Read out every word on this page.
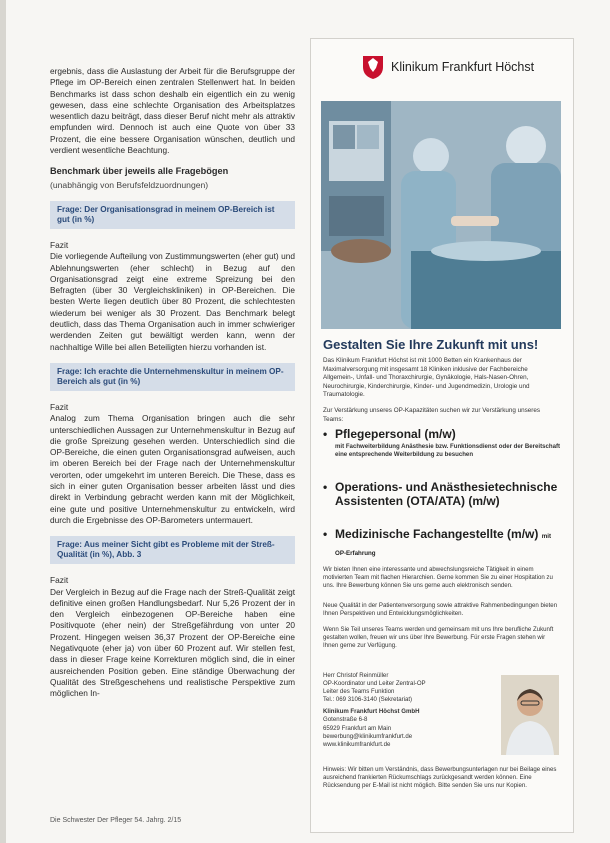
ergebnis, dass die Auslastung der Arbeit für die Berufsgruppe der Pflege im OP-Bereich einen zentralen Stellenwert hat. In beiden Benchmarks ist dass schon deshalb ein eigentlich ein zu wenig gewesen, dass eine schlechte Organisation des Arbeitsplatzes wesentlich dazu beiträgt, dass dieser Beruf nicht mehr als attraktiv empfunden wird. Dennoch ist auch eine Quote von über 33 Prozent, die eine bessere Organisation wünschen, deutlich und verdient wesentliche Beachtung.

Benchmark über jeweils alle Fragebögen
(unabhängig von Berufsfeldzuordnungen)
Frage: Der Organisationsgrad in meinem OP-Bereich ist gut (in %)

Fazit

Die vorliegende Aufteilung von Zustimmungswerten (eher gut) und Ablehnungswerten (eher schlecht) in Bezug auf den Organisationsgrad zeigt eine extreme Spreizung bei den Befragten (über 30 Vergleichskliniken) in OP-Bereichen. Die besten Werte liegen deutlich über 80 Prozent, die schlechtesten wiederum bei weniger als 30 Prozent. Das Benchmark belegt deutlich, dass das Thema Organisation auch in immer schwieriger werdenden Zeiten gut bewältigt werden kann, wenn der nachhaltige Wille bei allen Beteiligten hierzu vorhanden ist.

Frage: Ich erachte die Unternehmenskultur in meinem OP-Bereich als gut (in %)

Fazit

Analog zum Thema Organisation bringen auch die sehr unterschiedlichen Aussagen zur Unternehmenskultur in Bezug auf die große Spreizung gesehen werden. Unterschiedlich sind die OP-Bereiche, die einen guten Organisationsgrad aufweisen, auch im oberen Bereich bei der Frage nach der Unternehmenskultur verorten, oder umgekehrt im unteren Bereich. Die These, dass es sich in einer guten Organisation besser arbeiten lässt und dies direkt in Verbindung gebracht werden kann mit der Möglichkeit, eine gute und positive Unternehmenskultur zu entwickeln, wird durch die Ergebnisse des OP-Barometers untermauert.

Frage: Aus meiner Sicht gibt es Probleme mit der Streß-Qualität (in %), Abb. 3

Fazit

Der Vergleich in Bezug auf die Frage nach der Streß-Qualität zeigt definitive einen großen Handlungsbedarf. Nur 5,26 Prozent der in den Vergleich einbezogenen OP-Bereiche haben eine Positivquote (eher nein) der Streßgefährdung von unter 20 Prozent. Hingegen weisen 36,37 Prozent der OP-Bereiche eine Negativquote (eher ja) von über 60 Prozent auf. Wir stellen fest, dass in dieser Frage keine Korrekturen möglich sind, die in einer ausreichenden Position geben. Eine ständige Überwachung der Qualität des Streßgeschehens und realistische Perspektive zum möglichen In-

Die Schwester Der Pfleger 54. Jahrg. 2/15
Klinikum Frankfurt Höchst
Gestalten Sie Ihre Zukunft mit uns!
Das Klinikum Frankfurt Höchst ist mit 1000 Betten ein Krankenhaus der Maximalversorgung mit insgesamt 18 Kliniken inklusive der Fachbereiche Allgemein-, Unfall- und Thoraxchirurgie, Gynäkologie, Hals-Nasen-Ohren, Neurochirurgie, Kinderchirurgie, Kinder- und Jugendmedizin, Urologie und Traumatologie.
Zur Verstärkung unseres OP-Kapazitäten suchen wir zur Verstärkung unseres Teams:
• Pflegepersonal (m/w)
mit Fachweiterbildung Anästhesie bzw. Funktionsdienst oder der Bereitschaft eine entsprechende Weiterbildung zu besuchen
• Operations- und Anästhesietechnische Assistenten (OTA/ATA) (m/w)
• Medizinische Fachangestellte (m/w) mit OP-Erfahrung
Wir bieten Ihnen eine interessante und abwechslungsreiche Tätigkeit in einem motivierten Team mit flachen Hierarchien. Gerne kommen Sie zu einer Hospitation zu uns. Ihre Bewerbung können Sie uns gerne auch elektronisch senden.
Neue Qualität in der Patientenversorgung sowie attraktive Rahmenbedingungen bieten Ihnen Perspektiven und Entwicklungsmöglichkeiten.
Wenn Sie Teil unseres Teams werden und gemeinsam mit uns Ihre berufliche Zukunft gestalten wollen, freuen wir uns über Ihre Bewerbung. Für erste Fragen stehen wir Ihnen gerne zur Verfügung.
Herr Christof Reinmüller
OP-Koordinator und Leiter Zentral-OP
Leiter des Teams Funktion
Tel.: 069 3106-3140 (Sekretariat)
Klinikum Frankfurt Höchst GmbH
Gotenstraße 6-8
65929 Frankfurt am Main
bewerbung@klinikumfrankfurt.de
www.klinikumfrankfurt.de
Hinweis: Wir bitten um Verständnis, dass Bewerbungsunterlagen nur bei Beilage eines ausreichend frankierten Rückumschlags zurückgesandt werden können. Eine Rücksendung per E-Mail ist nicht möglich. Bitte senden Sie uns nur Kopien.
